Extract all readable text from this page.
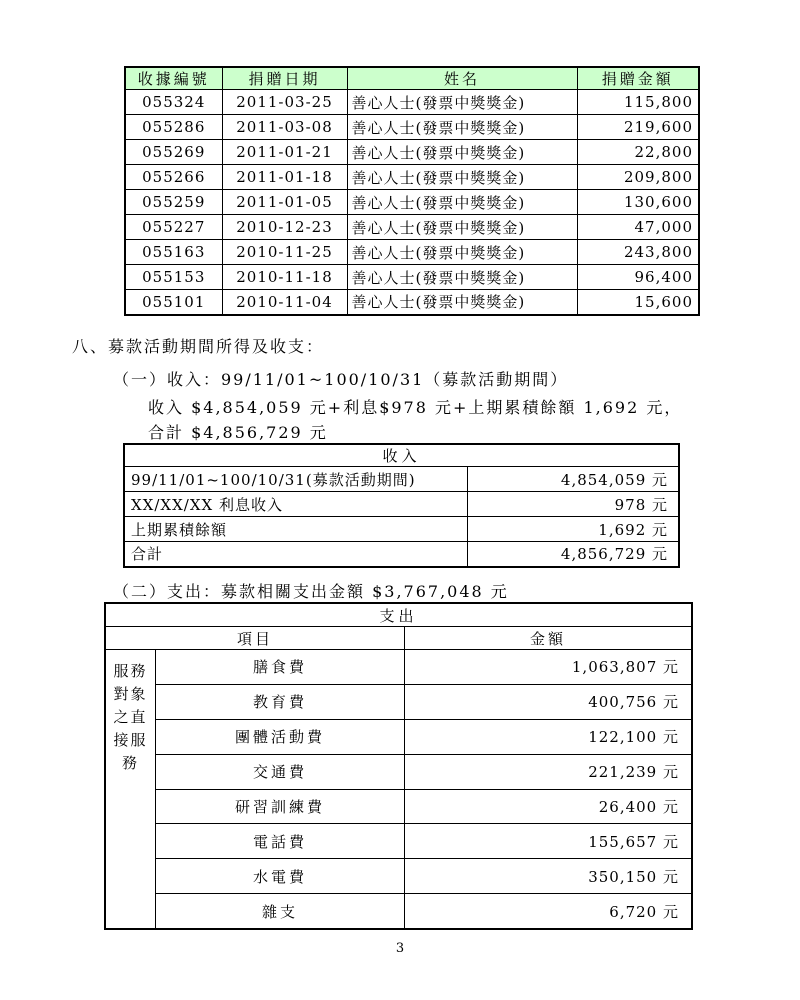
收據編號	捐贈日期	姓名	捐贈金額
055324	2011-03-25	善心人士(發票中獎獎金)	115,800
055286	2011-03-08	善心人士(發票中獎獎金)	219,600
055269	2011-01-21	善心人士(發票中獎獎金)	22,800
055266	2011-01-18	善心人士(發票中獎獎金)	209,800
055259	2011-01-05	善心人士(發票中獎獎金)	130,600
055227	2010-12-23	善心人士(發票中獎獎金)	47,000
055163	2010-11-25	善心人士(發票中獎獎金)	243,800
055153	2010-11-18	善心人士(發票中獎獎金)	96,400
055101	2010-11-04	善心人士(發票中獎獎金)	15,600
八、募款活動期間所得及收支：
（一）收入：99/11/01~100/10/31（募款活動期間）
收入 $4,854,059 元+利息$978 元+上期累積餘額 1,692 元，
合計 $4,856,729 元
收入	
99/11/01~100/10/31(募款活動期間)	4,854,059 元
XX/XX/XX 利息收入	978 元
上期累積餘額	1,692 元
合計	4,856,729 元
（二）支出：募款相關支出金額 $3,767,048 元
支出
項目	金額
服務
對象
之直
接服
務
膳食費	1,063,807 元
教育費	400,756 元
團體活動費	122,100 元
交通費	221,239 元
研習訓練費	26,400 元
電話費	155,657 元
水電費	350,150 元
雜支	6,720 元
3
